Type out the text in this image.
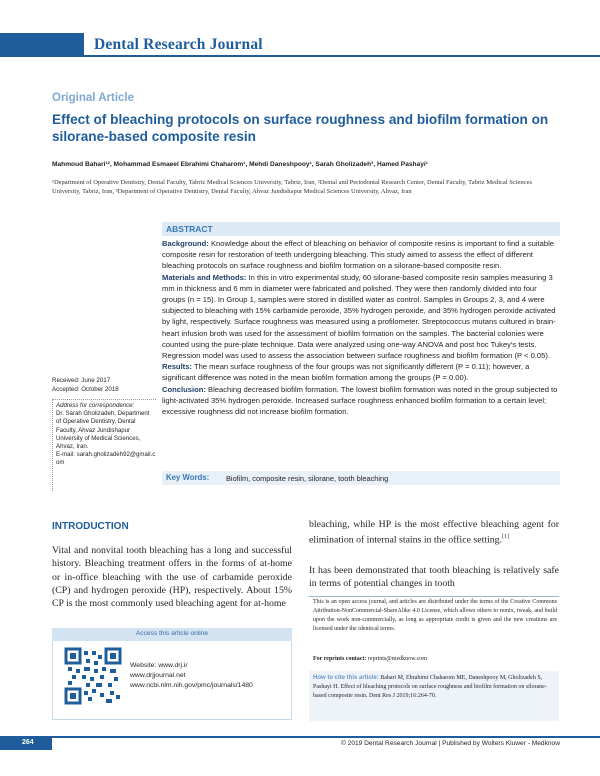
Dental Research Journal
Original Article
Effect of bleaching protocols on surface roughness and biofilm formation on silorane-based composite resin
Mahmoud Bahari¹², Mohammad Esmaeel Ebrahimi Chaharom¹, Mehdi Daneshpooy¹, Sarah Gholizadeh³, Hamed Pashayi¹
¹Department of Operative Dentistry, Dental Faculty, Tabriz Medical Sciences University, Tabriz, Iran, ²Dental and Periodontal Research Center, Dental Faculty, Tabriz Medical Sciences University, Tabriz, Iran, ³Department of Operative Dentistry, Dental Faculty, Ahvaz Jundishapur Medical Sciences University, Ahvaz, Iran
ABSTRACT

Background: Knowledge about the effect of bleaching on behavior of composite resins is important to find a suitable composite resin for restoration of teeth undergoing bleaching. This study aimed to assess the effect of different bleaching protocols on surface roughness and biofilm formation on a silorane-based composite resin.

Materials and Methods: In this in vitro experimental study, 60 silorane-based composite resin samples measuring 3 mm in thickness and 6 mm in diameter were fabricated and polished. They were then randomly divided into four groups (n = 15). In Group 1, samples were stored in distilled water as control. Samples in Groups 2, 3, and 4 were subjected to bleaching with 15% carbamide peroxide, 35% hydrogen peroxide, and 35% hydrogen peroxide activated by light, respectively. Surface roughness was measured using a profilometer. Streptococcus mutans cultured in brain-heart infusion broth was used for the assessment of biofilm formation on the samples. The bacterial colonies were counted using the pure-plate technique. Data were analyzed using one-way ANOVA and post hoc Tukey's tests. Regression model was used to assess the association between surface roughness and biofilm formation (P < 0.05).

Results: The mean surface roughness of the four groups was not significantly different (P = 0.11); however, a significant difference was noted in the mean biofilm formation among the groups (P = 0.00).

Conclusion: Bleaching decreased biofilm formation. The lowest biofilm formation was noted in the group subjected to light-activated 35% hydrogen peroxide. Increased surface roughness enhanced biofilm formation to a certain level; excessive roughness did not increase biofilm formation.

Key Words: Biofilm, composite resin, silorane, tooth bleaching
Received: June 2017
Accepted: October 2018
Address for correspondence:
Dr. Sarah Gholizadeh, Department of Operative Dentistry, Dental Faculty, Ahvaz Jundishapur University of Medical Sciences, Ahvaz, Iran.
E-mail: sarah.gholizadeh92@gmail.com
INTRODUCTION
Vital and nonvital tooth bleaching has a long and successful history. Bleaching treatment offers in the forms of at-home or in-office bleaching with the use of carbamide peroxide (CP) and hydrogen peroxide (HP), respectively. About 15% CP is the most commonly used bleaching agent for at-home
bleaching, while HP is the most effective bleaching agent for elimination of internal stains in the office setting.[1]
It has been demonstrated that tooth bleaching is relatively safe in terms of potential changes in tooth
Access this article online
Website: www.drj.ir
www.drjjournal.net
www.ncbi.nlm.nih.gov/pmc/journals/1480
This is an open access journal, and articles are distributed under the terms of the Creative Commons Attribution-NonCommercial-ShareAlike 4.0 License, which allows others to remix, tweak, and build upon the work non-commercially, as long as appropriate credit is given and the new creations are licensed under the identical terms.
For reprints contact: reprints@medknow.com
How to cite this article: Bahari M, Ebrahimi Chaharom ME, Daneshpooy M, Gholizadeh S, Pashayi H. Effect of bleaching protocols on surface roughness and biofilm formation on silorane-based composite resin. Dent Res J 2019;16:264-70.
264	© 2019 Dental Research Journal | Published by Wolters Kluwer - Medknow
